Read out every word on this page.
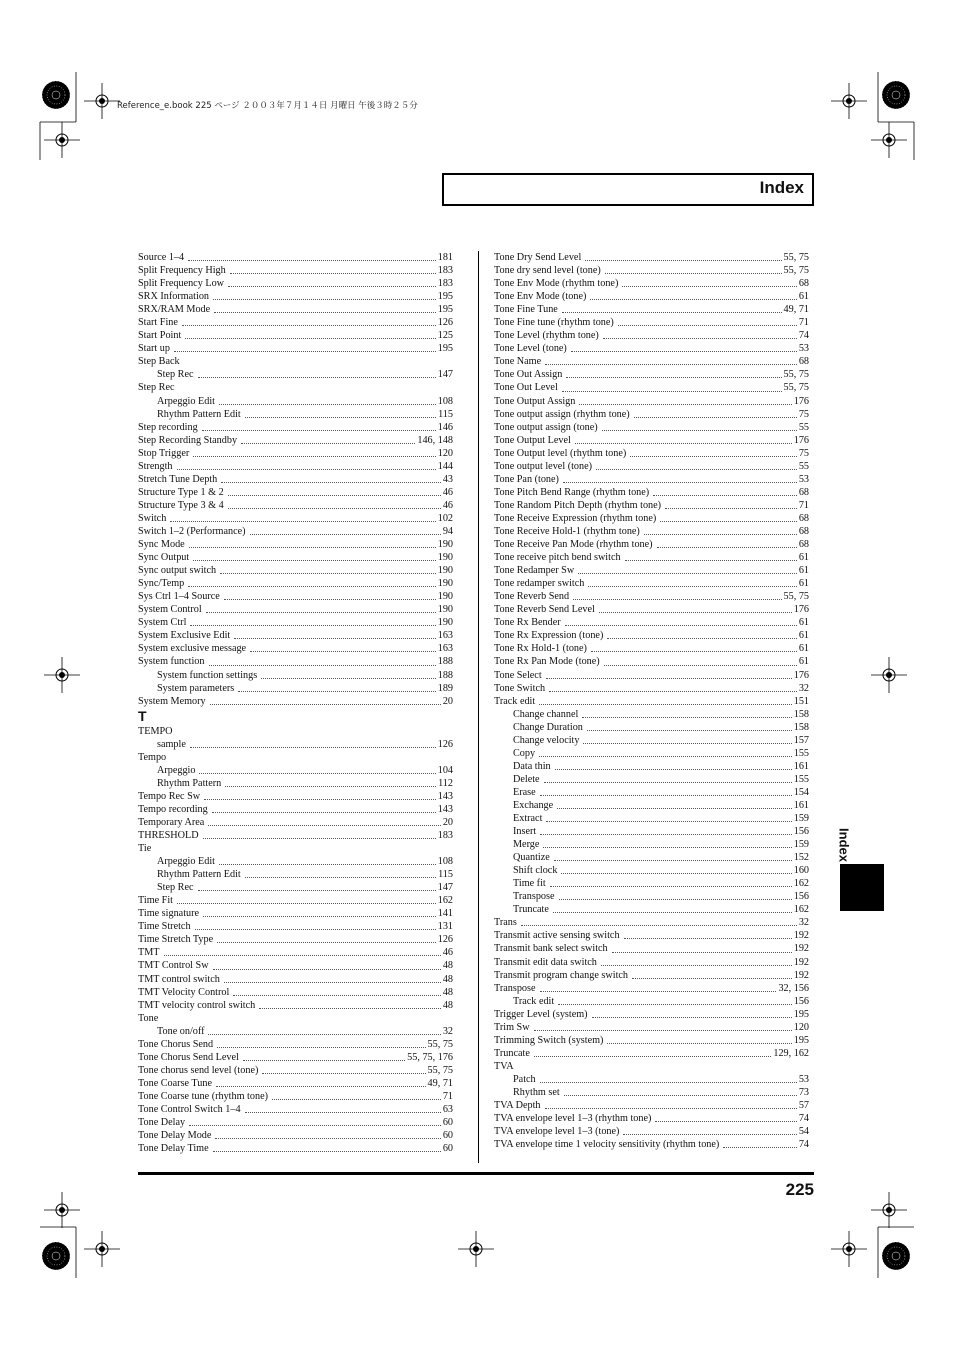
Reference_e.book 225 ページ ２００３年７月１４日 月曜日 午後３時２５分
Index
Source 1–4	181
Split Frequency High	183
Split Frequency Low	183
SRX Information	195
SRX/RAM Mode	195
Start Fine	126
Start Point	125
Start up	195
Step Back
Step Rec	147
Step Rec
Arpeggio Edit	108
Rhythm Pattern Edit	115
Step recording	146
Step Recording Standby	146, 148
Stop Trigger	120
Strength	144
Stretch Tune Depth	43
Structure Type 1 & 2	46
Structure Type 3 & 4	46
Switch	102
Switch 1–2 (Performance)	94
Sync Mode	190
Sync Output	190
Sync output switch	190
Sync/Temp	190
Sys Ctrl 1–4 Source	190
System Control	190
System Ctrl	190
System Exclusive Edit	163
System exclusive message	163
System function	188
System function settings	188
System parameters	189
System Memory	20
T
TEMPO
sample	126
Tempo
Arpeggio	104
Rhythm Pattern	112
Tempo Rec Sw	143
Tempo recording	143
Temporary Area	20
THRESHOLD	183
Tie
Arpeggio Edit	108
Rhythm Pattern Edit	115
Step Rec	147
Time Fit	162
Time signature	141
Time Stretch	131
Time Stretch Type	126
TMT	46
TMT Control Sw	48
TMT control switch	48
TMT Velocity Control	48
TMT velocity control switch	48
Tone
Tone on/off	32
Tone Chorus Send	55, 75
Tone Chorus Send Level	55, 75, 176
Tone chorus send level (tone)	55, 75
Tone Coarse Tune	49, 71
Tone Coarse tune (rhythm tone)	71
Tone Control Switch 1–4	63
Tone Delay	60
Tone Delay Mode	60
Tone Delay Time	60
Tone Dry Send Level	55, 75
Tone dry send level (tone)	55, 75
Tone Env Mode (rhythm tone)	68
Tone Env Mode (tone)	61
Tone Fine Tune	49, 71
Tone Fine tune (rhythm tone)	71
Tone Level (rhythm tone)	74
Tone Level (tone)	53
Tone Name	68
Tone Out Assign	55, 75
Tone Out Level	55, 75
Tone Output Assign	176
Tone output assign (rhythm tone)	75
Tone output assign (tone)	55
Tone Output Level	176
Tone Output level (rhythm tone)	75
Tone output level (tone)	55
Tone Pan (tone)	53
Tone Pitch Bend Range (rhythm tone)	68
Tone Random Pitch Depth (rhythm tone)	71
Tone Receive Expression (rhythm tone)	68
Tone Receive Hold-1 (rhythm tone)	68
Tone Receive Pan Mode (rhythm tone)	68
Tone receive pitch bend switch	61
Tone Redamper Sw	61
Tone redamper switch	61
Tone Reverb Send	55, 75
Tone Reverb Send Level	176
Tone Rx Bender	61
Tone Rx Expression (tone)	61
Tone Rx Hold-1 (tone)	61
Tone Rx Pan Mode (tone)	61
Tone Select	176
Tone Switch	32
Track edit	151
Change channel	158
Change Duration	158
Change velocity	157
Copy	155
Data thin	161
Delete	155
Erase	154
Exchange	161
Extract	159
Insert	156
Merge	159
Quantize	152
Shift clock	160
Time fit	162
Transpose	156
Truncate	162
Trans	32
Transmit active sensing switch	192
Transmit bank select switch	192
Transmit edit data switch	192
Transmit program change switch	192
Transpose	32, 156
Track edit	156
Trigger Level (system)	195
Trim Sw	120
Trimming Switch (system)	195
Truncate	129, 162
TVA
Patch	53
Rhythm set	73
TVA Depth	57
TVA envelope level 1–3 (rhythm tone)	74
TVA envelope level 1–3 (tone)	54
TVA envelope time 1 velocity sensitivity (rhythm tone)	74
Index
225
